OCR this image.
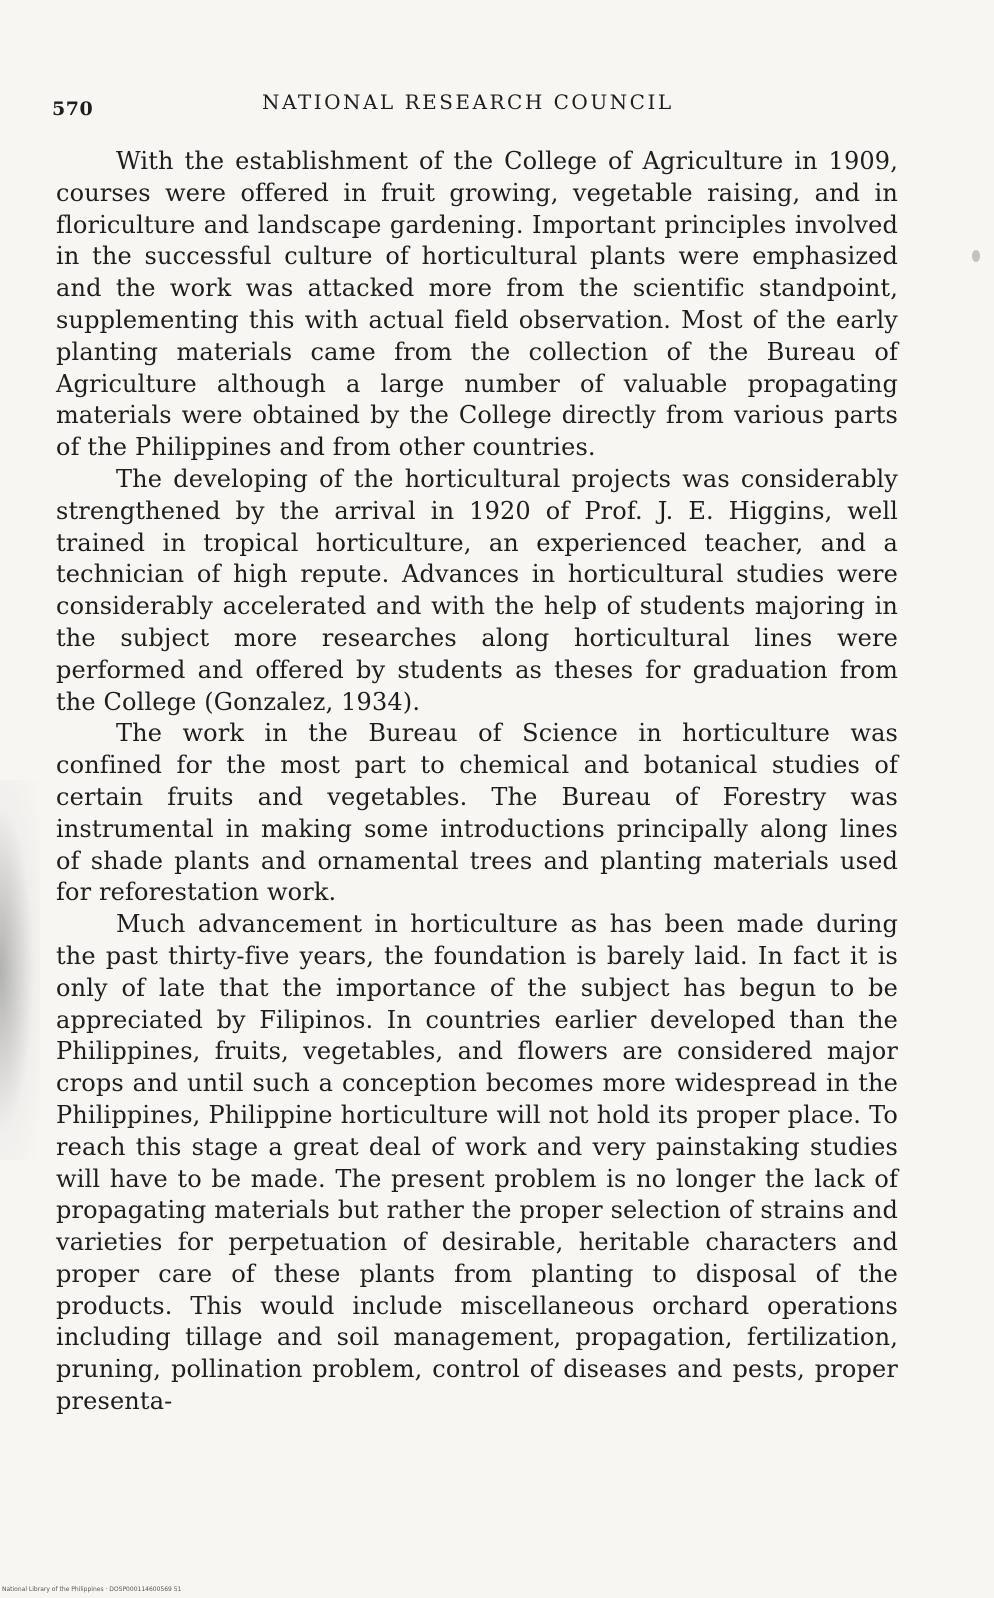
570	NATIONAL RESEARCH COUNCIL

With the establishment of the College of Agriculture in 1909, courses were offered in fruit growing, vegetable raising, and in floriculture and landscape gardening. Important principles involved in the successful culture of horticultural plants were emphasized and the work was attacked more from the scientific standpoint, supplementing this with actual field observation. Most of the early planting materials came from the collection of the Bureau of Agriculture although a large number of valuable propagating materials were obtained by the College directly from various parts of the Philippines and from other countries.

The developing of the horticultural projects was considerably strengthened by the arrival in 1920 of Prof. J. E. Higgins, well trained in tropical horticulture, an experienced teacher, and a technician of high repute. Advances in horticultural studies were considerably accelerated and with the help of students majoring in the subject more researches along horticultural lines were performed and offered by students as theses for graduation from the College (Gonzalez, 1934).

The work in the Bureau of Science in horticulture was confined for the most part to chemical and botanical studies of certain fruits and vegetables. The Bureau of Forestry was instrumental in making some introductions principally along lines of shade plants and ornamental trees and planting materials used for reforestation work.

Much advancement in horticulture as has been made during the past thirty-five years, the foundation is barely laid. In fact it is only of late that the importance of the subject has begun to be appreciated by Filipinos. In countries earlier developed than the Philippines, fruits, vegetables, and flowers are considered major crops and until such a conception becomes more widespread in the Philippines, Philippine horticulture will not hold its proper place. To reach this stage a great deal of work and very painstaking studies will have to be made. The present problem is no longer the lack of propagating materials but rather the proper selection of strains and varieties for perpetuation of desirable, heritable characters and proper care of these plants from planting to disposal of the products. This would include miscellaneous orchard operations including tillage and soil management, propagation, fertilization, pruning, pollination problem, control of diseases and pests, proper presenta-

National Library of the Philippines · DOSP000114600569 51
